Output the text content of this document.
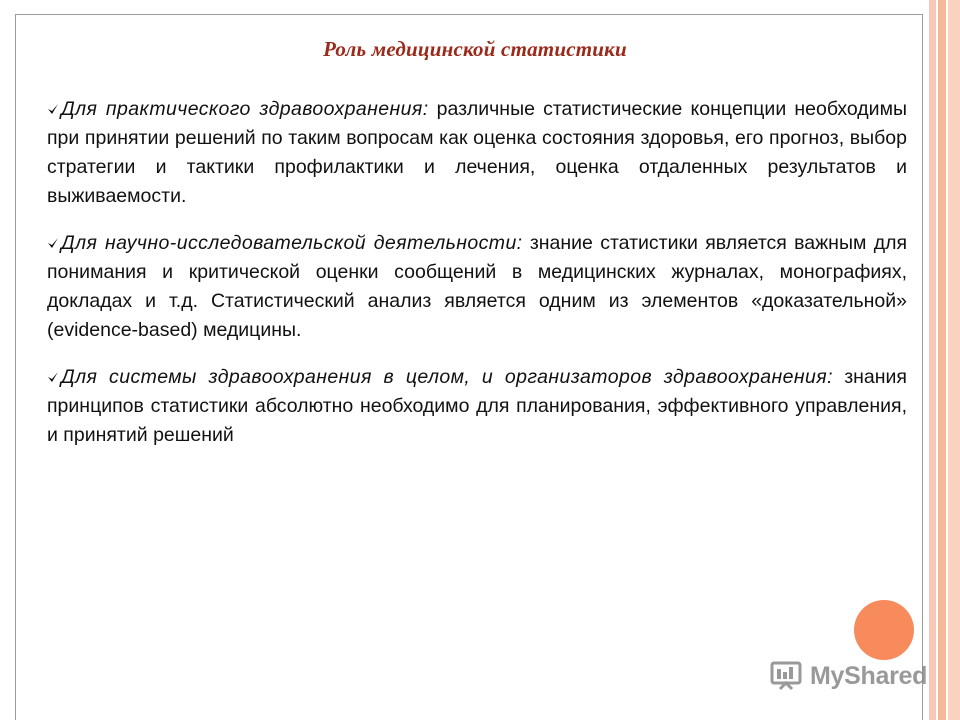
Роль медицинской статистики

Для практического здравоохранения: различные статистические концепции необходимы при принятии решений по таким вопросам как оценка состояния здоровья, его прогноз, выбор стратегии и тактики профилактики и лечения, оценка отдаленных результатов и выживаемости.

Для научно-исследовательской деятельности: знание статистики является важным для понимания и критической оценки сообщений в медицинских журналах, монографиях, докладах и т.д. Статистический анализ является одним из элементов «доказательной» (evidence-based) медицины.

Для системы здравоохранения в целом, и организаторов здравоохранения: знания принципов статистики абсолютно необходимо для планирования, эффективного управления, и принятий решений

MyShared
